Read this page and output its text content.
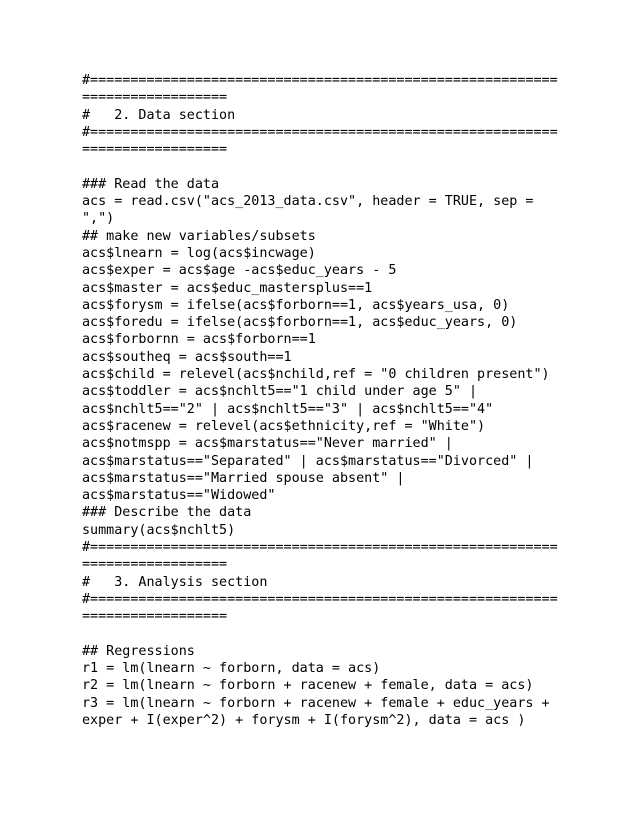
#==========================================================
==================
#   2. Data section
#==========================================================
==================
### Read the data
acs = read.csv("acs_2013_data.csv", header = TRUE, sep =
",")
## make new variables/subsets
acs$lnearn = log(acs$incwage)
acs$exper = acs$age -acs$educ_years - 5
acs$master = acs$educ_mastersplus==1
acs$forysm = ifelse(acs$forborn==1, acs$years_usa, 0)
acs$foredu = ifelse(acs$forborn==1, acs$educ_years, 0)
acs$forbornn = acs$forborn==1
acs$southeq = acs$south==1
acs$child = relevel(acs$nchild,ref = "0 children present")
acs$toddler = acs$nchlt5=="1 child under age 5" |
acs$nchlt5=="2" | acs$nchlt5=="3" | acs$nchlt5=="4"
acs$racenew = relevel(acs$ethnicity,ref = "White")
acs$notmspp = acs$marstatus=="Never married" |
acs$marstatus=="Separated" | acs$marstatus=="Divorced" |
acs$marstatus=="Married spouse absent" |
acs$marstatus=="Widowed"
### Describe the data
summary(acs$nchlt5)
#==========================================================
==================
#   3. Analysis section
#==========================================================
==================
## Regressions
r1 = lm(lnearn ~ forborn, data = acs)
r2 = lm(lnearn ~ forborn + racenew + female, data = acs)
r3 = lm(lnearn ~ forborn + racenew + female + educ_years +
exper + I(exper^2) + forysm + I(forysm^2), data = acs )
